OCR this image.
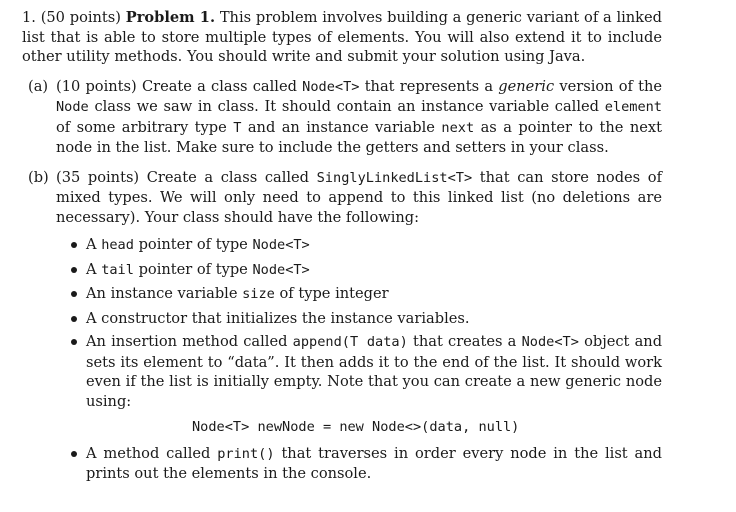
1. (50 points) Problem 1. This problem involves building a generic variant of a linked list that is able to store multiple types of elements. You will also extend it to include other utility methods. You should write and submit your solution using Java.

(a) (10 points) Create a class called Node<T> that represents a generic version of the Node class we saw in class. It should contain an instance variable called element of some arbitrary type T and an instance variable next as a pointer to the next node in the list. Make sure to include the getters and setters in your class.

(b) (35 points) Create a class called SinglyLinkedList<T> that can store nodes of mixed types. We will only need to append to this linked list (no deletions are necessary). Your class should have the following:

A head pointer of type Node<T>
A tail pointer of type Node<T>
An instance variable size of type integer
A constructor that initializes the instance variables.
An insertion method called append(T data) that creates a Node<T> object and sets its element to “data”. It then adds it to the end of the list. It should work even if the list is initially empty. Note that you can create a new generic node using:
Node<T> newNode = new Node<>(data, null)
A method called print() that traverses in order every node in the list and prints out the elements in the console.
